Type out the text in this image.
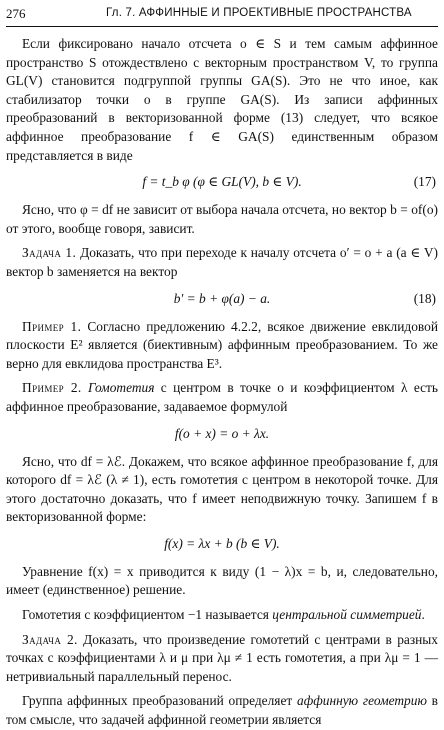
276	Гл. 7. АФФИННЫЕ И ПРОЕКТИВНЫЕ ПРОСТРАНСТВА

Если фиксировано начало отсчета o ∈ S и тем самым аффинное пространство S отождествлено с векторным пространством V, то группа GL(V) становится подгруппой группы GA(S). Это не что иное, как стабилизатор точки o в группе GA(S). Из записи аффинных преобразований в векторизованной форме (13) следует, что всякое аффинное преобразование f ∈ GA(S) единственным образом представляется в виде

f = t_b φ (φ ∈ GL(V), b ∈ V).	(17)

Ясно, что φ = df не зависит от выбора начала отсчета, но вектор b = of(o) от этого, вообще говоря, зависит.

Задача 1. Доказать, что при переходе к началу отсчета o′ = o + a (a ∈ V) вектор b заменяется на вектор

b′ = b + φ(a) − a.	(18)

Пример 1. Согласно предложению 4.2.2, всякое движение евклидовой плоскости E² является (биективным) аффинным преобразованием. То же верно для евклидова пространства E³.

Пример 2. Гомотетия с центром в точке o и коэффициентом λ есть аффинное преобразование, задаваемое формулой

f(o + x) = o + λx.

Ясно, что df = λℰ. Докажем, что всякое аффинное преобразование f, для которого df = λℰ (λ ≠ 1), есть гомотетия с центром в некоторой точке. Для этого достаточно доказать, что f имеет неподвижную точку. Запишем f в векторизованной форме:

f(x) = λx + b (b ∈ V).

Уравнение f(x) = x приводится к виду (1 − λ)x = b, и, следовательно, имеет (единственное) решение.

Гомотетия с коэффициентом −1 называется центральной симметрией.

Задача 2. Доказать, что произведение гомотетий с центрами в разных точках с коэффициентами λ и μ при λμ ≠ 1 есть гомотетия, а при λμ = 1 — нетривиальный параллельный перенос.

Группа аффинных преобразований определяет аффинную геометрию в том смысле, что задачей аффинной геометрии является
